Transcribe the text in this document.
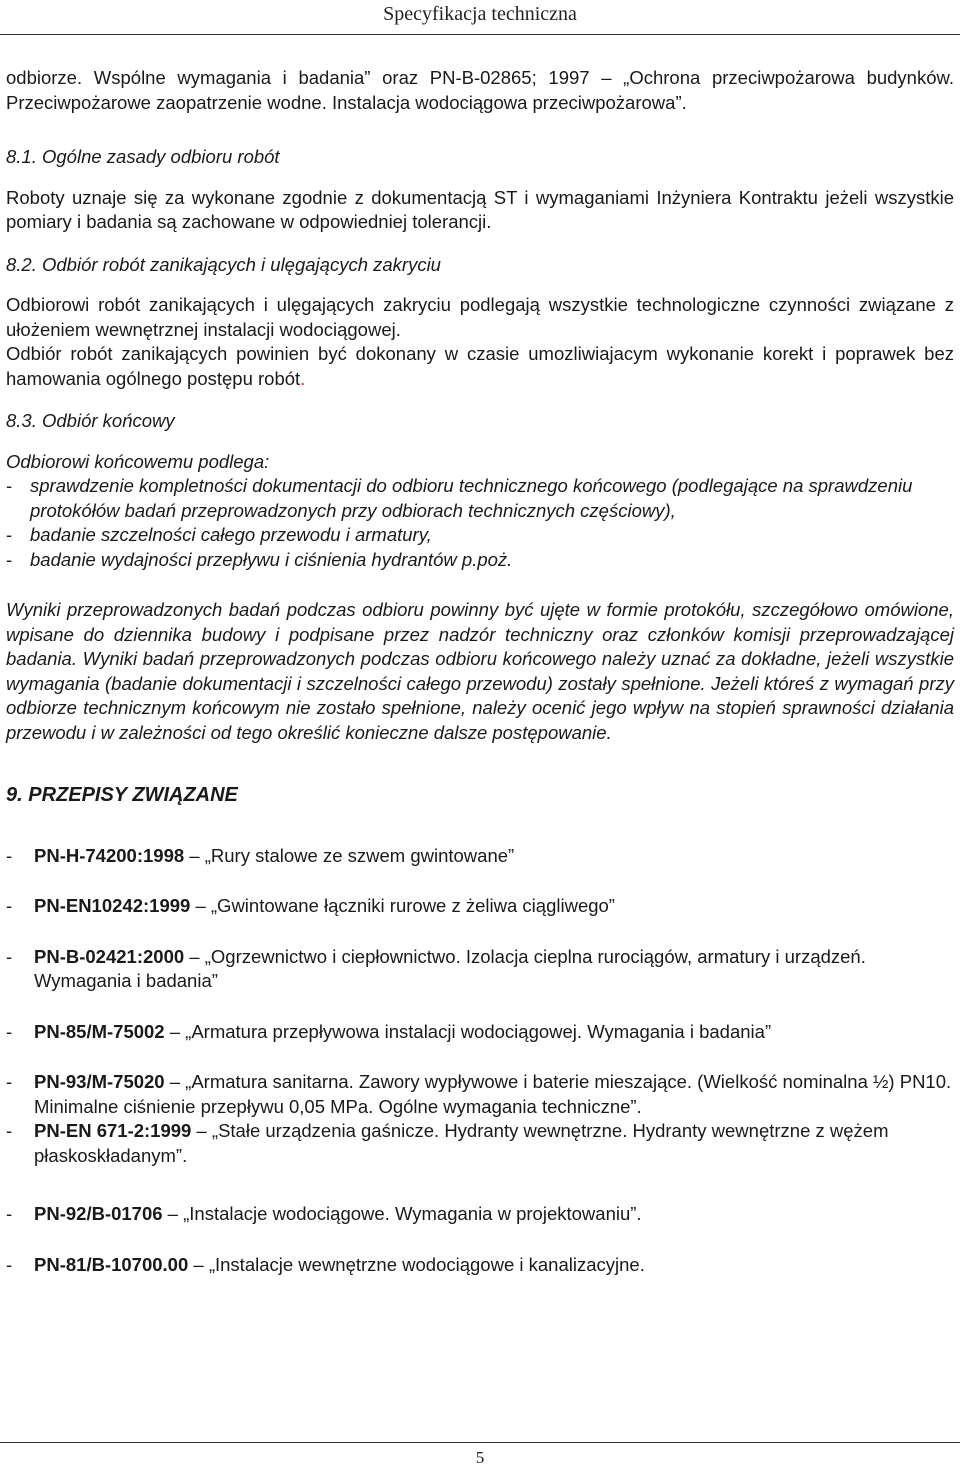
Specyfikacja techniczna

odbiorze. Wspólne wymagania i badania” oraz PN-B-02865; 1997 – „Ochrona przeciwpożarowa budynków. Przeciwpożarowe zaopatrzenie wodne. Instalacja wodociągowa przeciwpożarowa”.

8.1. Ogólne zasady odbioru robót

Roboty uznaje się za wykonane zgodnie z dokumentacją ST i wymaganiami Inżyniera Kontraktu jeżeli wszystkie pomiary i badania są zachowane w odpowiedniej tolerancji.

8.2. Odbiór robót zanikających i ulęgających zakryciu

Odbiorowi robót zanikających i ulęgających zakryciu podlegają wszystkie technologiczne czynności związane z ułożeniem wewnętrznej instalacji wodociągowej.

Odbiór robót zanikających powinien być dokonany w czasie umozliwiajacym wykonanie korekt i poprawek bez hamowania ogólnego postępu robót.

8.3. Odbiór końcowy

Odbiorowi końcowemu podlega:

- sprawdzenie kompletności dokumentacji do odbioru technicznego końcowego (podlegające na sprawdzeniu protokółów badań przeprowadzonych przy odbiorach technicznych częściowy),
- badanie szczelności całego przewodu i armatury,
- badanie wydajności przepływu i ciśnienia hydrantów p.poż.

Wyniki przeprowadzonych badań podczas odbioru powinny być ujęte w formie protokółu, szczegółowo omówione, wpisane do dziennika budowy i podpisane przez nadzór techniczny oraz członków komisji przeprowadzającej badania. Wyniki badań przeprowadzonych podczas odbioru końcowego należy uznać za dokładne, jeżeli wszystkie wymagania (badanie dokumentacji i szczelności całego przewodu) zostały spełnione. Jeżeli któreś z wymagań przy odbiorze technicznym końcowym nie zostało spełnione, należy ocenić jego wpływ na stopień sprawności działania przewodu i w zależności od tego określić konieczne dalsze postępowanie.

9. PRZEPISY ZWIĄZANE

- PN-H-74200:1998 – „Rury stalowe ze szwem gwintowane”
- PN-EN10242:1999 – „Gwintowane łączniki rurowe z żeliwa ciągliwego”
- PN-B-02421:2000 – „Ogrzewnictwo i ciepłownictwo. Izolacja cieplna rurociągów, armatury i urządzeń. Wymagania i badania”
- PN-85/M-75002 – „Armatura przepływowa instalacji wodociągowej. Wymagania i badania”
- PN-93/M-75020 – „Armatura sanitarna. Zawory wypływowe i baterie mieszające. (Wielkość nominalna ½) PN10. Minimalne ciśnienie przepływu 0,05 MPa. Ogólne wymagania techniczne”.
- PN-EN 671-2:1999 – „Stałe urządzenia gaśnicze. Hydranty wewnętrzne. Hydranty wewnętrzne z wężem płaskoskładanym”.
- PN-92/B-01706 – „Instalacje wodociągowe. Wymagania w projektowaniu”.
- PN-81/B-10700.00 – „Instalacje wewnętrzne wodociągowe i kanalizacyjne.
5
